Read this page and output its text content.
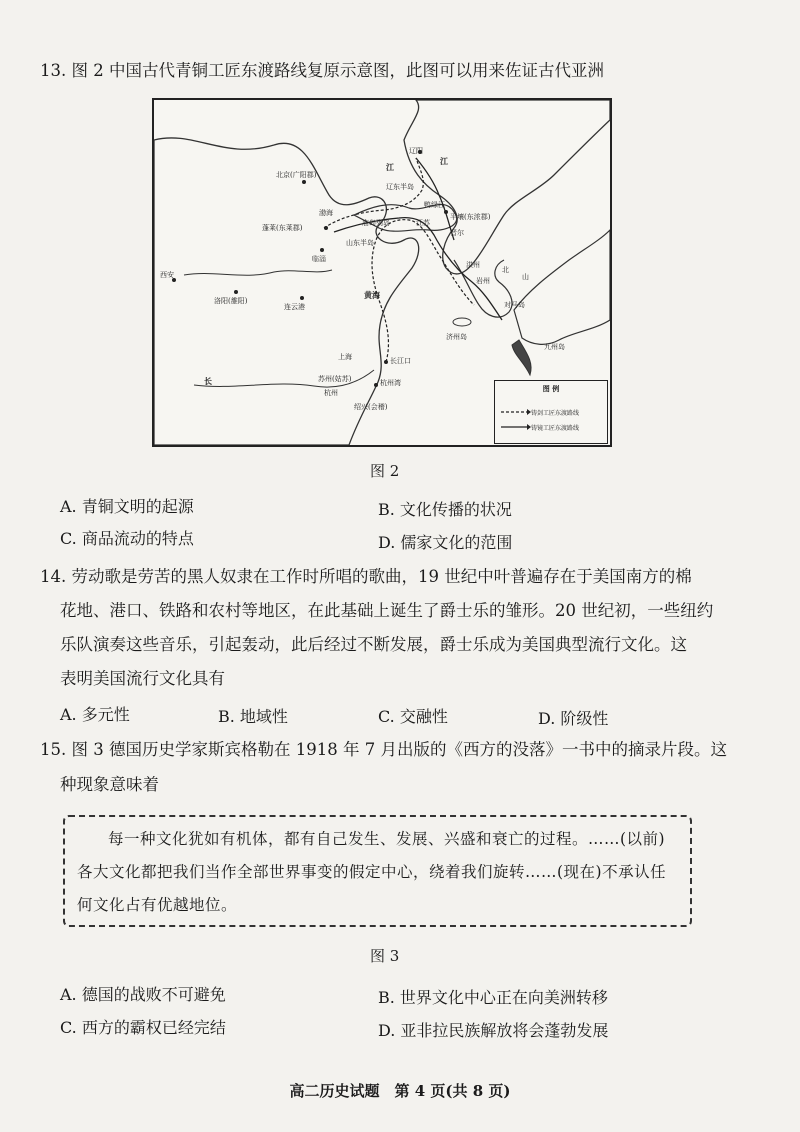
13. 图 2 中国古代青铜工匠东渡路线复原示意图，此图可以用来佐证古代亚洲
北京(广阳郡)
蓬莱(东莱郡)
临淄
西安
洛阳(雒阳)
连云港
渤海
山东半岛
庙岛列岛
辽东半岛
辽阳
鸭绿江
平壤(东浓郡)
黄海
晋尔
江苏
洪州
上海	长江口
苏州(姑苏)	杭州湾
杭州
绍兴(会稽)
长
江
北
山
济州岛
对马岛
九州岛
岩州
江
图 例
铸剑工匠东渡路线
铸镜工匠东渡路线
图 2
A. 青铜文明的起源	B. 文化传播的状况
C. 商品流动的特点	D. 儒家文化的范围
14. 劳动歌是劳苦的黑人奴隶在工作时所唱的歌曲，19 世纪中叶普遍存在于美国南方的棉
花地、港口、铁路和农村等地区，在此基础上诞生了爵士乐的雏形。20 世纪初，一些纽约
乐队演奏这些音乐，引起轰动，此后经过不断发展，爵士乐成为美国典型流行文化。这
表明美国流行文化具有
A. 多元性	B. 地域性	C. 交融性	D. 阶级性
15. 图 3 德国历史学家斯宾格勒在 1918 年 7 月出版的《西方的没落》一书中的摘录片段。这
种现象意味着
每一种文化犹如有机体，都有自己发生、发展、兴盛和衰亡的过程。……(以前)各大文化都把我们当作全部世界事变的假定中心，绕着我们旋转……(现在)不承认任何文化占有优越地位。
图 3
A. 德国的战败不可避免	B. 世界文化中心正在向美洲转移
C. 西方的霸权已经完结	D. 亚非拉民族解放将会蓬勃发展
高二历史试题　第 4 页(共 8 页)
